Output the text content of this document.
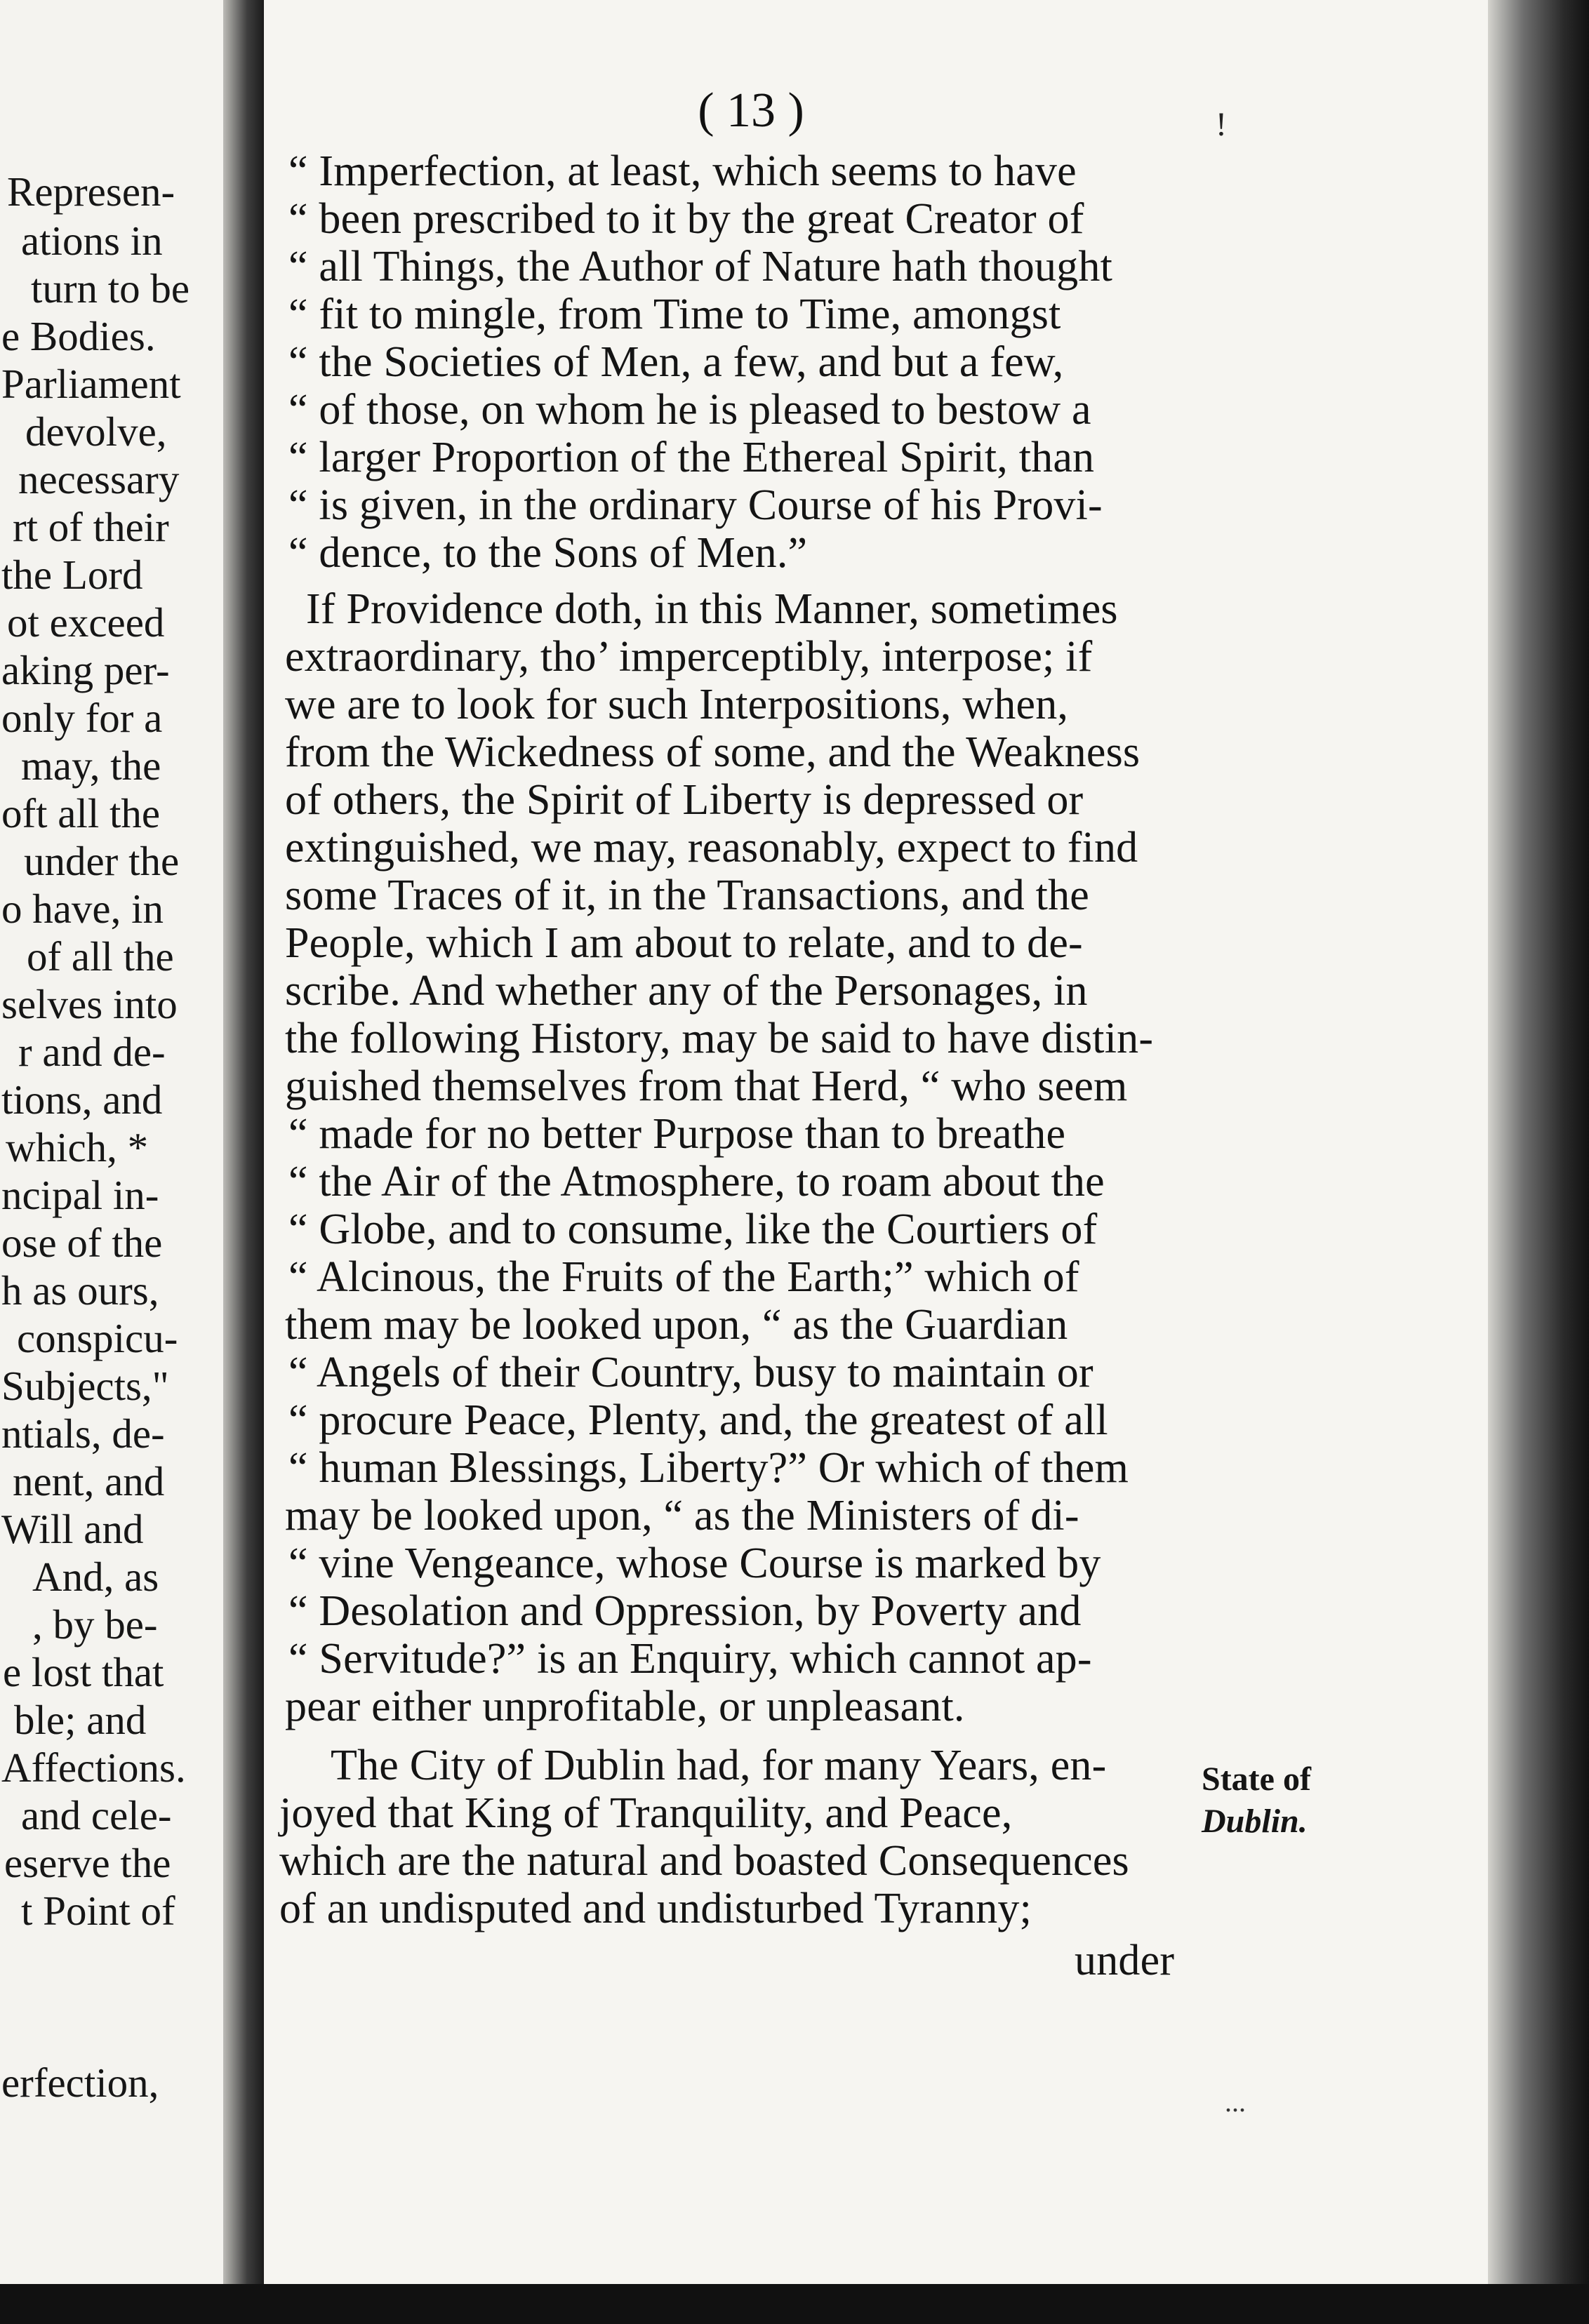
Represen-
ations in
turn to be
e Bodies.
Parliament
devolve,
necessary
rt of their
the Lord
ot exceed
aking per-
only for a
may, the
oft all the
under the
o have, in
of all the
selves into
r and de-
tions, and
which, *
ncipal in-
ose of the
h as ours,
conspicu-
Subjects,"
ntials, de-
nent, and
Will and
And, as
, by be-
e lost that
ble; and
Affections.
and cele-
eserve the
t Point of
erfection,
( 13 )	!
...
“ Imperfection, at least, which seems to have
“ been prescribed to it by the great Creator of
“ all Things, the Author of Nature hath thought
“ fit to mingle, from Time to Time, amongst
“ the Societies of Men, a few, and but a few,
“ of those, on whom he is pleased to bestow a
“ larger Proportion of the Ethereal Spirit, than
“ is given, in the ordinary Course of his Provi-
“ dence, to the Sons of Men.”
If Providence doth, in this Manner, sometimes
extraordinary, tho’ imperceptibly, interpose; if
we are to look for such Interpositions, when,
from the Wickedness of some, and the Weakness
of others, the Spirit of Liberty is depressed or
extinguished, we may, reasonably, expect to find
some Traces of it, in the Transactions, and the
People, which I am about to relate, and to de-
scribe. And whether any of the Personages, in
the following History, may be said to have distin-
guished themselves from that Herd, “ who seem
“ made for no better Purpose than to breathe
“ the Air of the Atmosphere, to roam about the
“ Globe, and to consume, like the Courtiers of
“ Alcinous, the Fruits of the Earth;” which of
them may be looked upon, “ as the Guardian
“ Angels of their Country, busy to maintain or
“ procure Peace, Plenty, and, the greatest of all
“ human Blessings, Liberty?” Or which of them
may be looked upon, “ as the Ministers of di-
“ vine Vengeance, whose Course is marked by
“ Desolation and Oppression, by Poverty and
“ Servitude?” is an Enquiry, which cannot ap-
pear either unprofitable, or unpleasant.
The City of Dublin had, for many Years, en-
joyed that King of Tranquility, and Peace,
which are the natural and boasted Consequences
of an undisputed and undisturbed Tyranny;
under
State of
Dublin.
